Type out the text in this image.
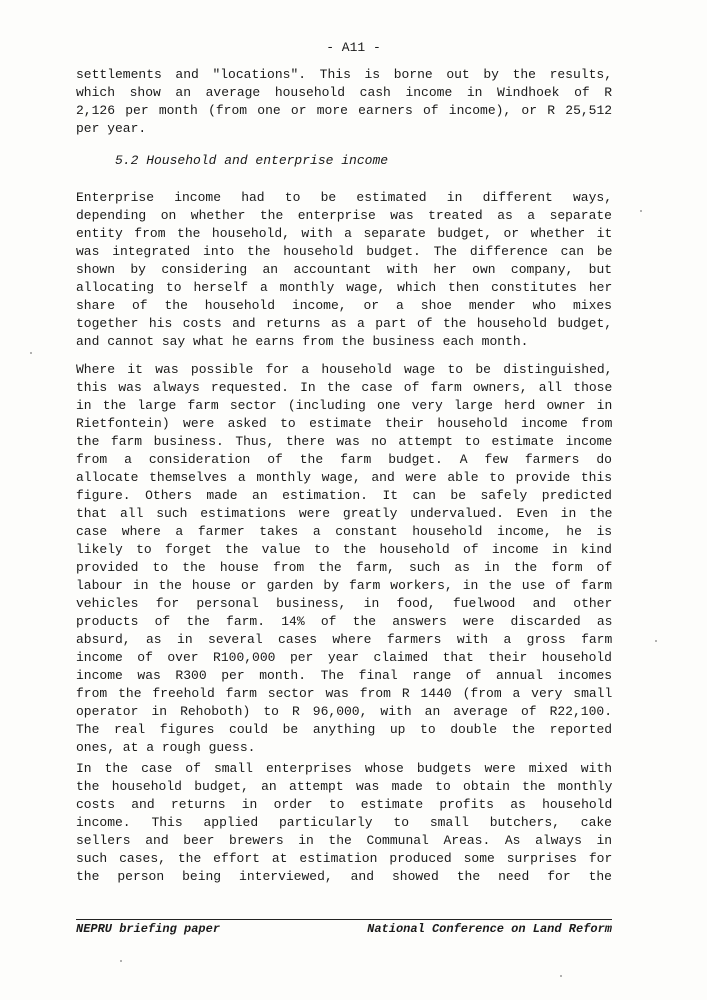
- A11 -
settlements and "locations". This is borne out by the results,
which show an average household cash income in Windhoek of R
2,126 per month (from one or more earners of income), or R 25,512
per year.
5.2 Household and enterprise income
Enterprise income had to be estimated in different ways,
depending on whether the enterprise was treated as a separate
entity from the household, with a separate budget, or whether it
was integrated into the household budget. The difference can be
shown by considering an accountant with her own company, but
allocating to herself a monthly wage, which then constitutes her
share of the household income, or a shoe mender who mixes
together his costs and returns as a part of the household budget,
and cannot say what he earns from the business each month.
Where it was possible for a household wage to be distinguished,
this was always requested. In the case of farm owners, all those
in the large farm sector (including one very large herd owner in
Rietfontein) were asked to estimate their household income from
the farm business. Thus, there was no attempt to estimate income
from a consideration of the farm budget. A few farmers do
allocate themselves a monthly wage, and were able to provide this
figure. Others made an estimation. It can be safely predicted
that all such estimations were greatly undervalued. Even in the
case where a farmer takes a constant household income, he is
likely to forget the value to the household of income in kind
provided to the house from the farm, such as in the form of
labour in the house or garden by farm workers, in the use of farm
vehicles for personal business, in food, fuelwood and other
products of the farm. 14% of the answers were discarded as
absurd, as in several cases where farmers with a gross farm
income of over R100,000 per year claimed that their household
income was R300 per month. The final range of annual incomes
from the freehold farm sector was from R 1440 (from a very small
operator in Rehoboth) to R 96,000, with an average of R22,100.
The real figures could be anything up to double the reported
ones, at a rough guess.
In the case of small enterprises whose budgets were mixed with
the household budget, an attempt was made to obtain the monthly
costs and returns in order to estimate profits as household
income. This applied particularly to small butchers, cake
sellers and beer brewers in the Communal Areas. As always in
such cases, the effort at estimation produced some surprises for
the person being interviewed, and showed the need for the
NEPRU briefing paper	National Conference on Land Reform
